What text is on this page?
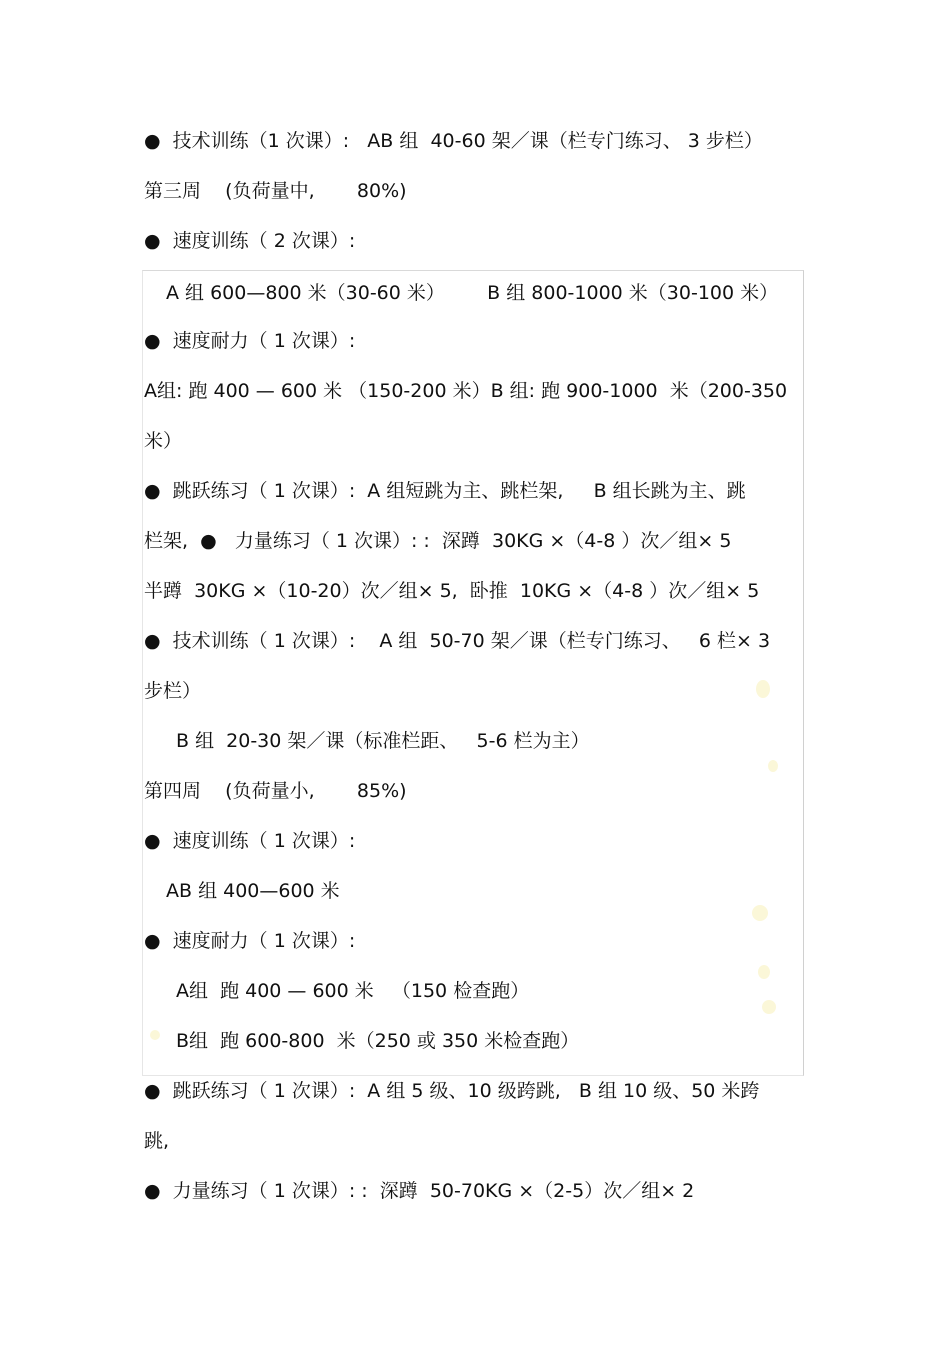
●  技术训练（1 次课）:   AB 组  40-60 架／课（栏专门练习、 3 步栏）
第三周    (负荷量中,       80%)
●  速度训练（ 2 次课）:
A 组 600—800 米（30-60 米）       B 组 800-1000 米（30-100 米）
●  速度耐力（ 1 次课）:
A组: 跑 400 — 600 米 （150-200 米）B 组: 跑 900-1000  米（200-350
米）
●  跳跃练习（ 1 次课）:  A 组短跳为主、跳栏架,     B 组长跳为主、跳
栏架,  ●   力量练习（ 1 次课）: :  深蹲  30KG ×（4-8 ）次／组× 5
半蹲  30KG ×（10-20）次／组× 5,  卧推  10KG ×（4-8 ）次／组× 5
●  技术训练（ 1 次课）:    A 组  50-70 架／课（栏专门练习、   6 栏× 3
步栏）
B 组  20-30 架／课（标准栏距、   5-6 栏为主）
第四周    (负荷量小,       85%)
●  速度训练（ 1 次课）:
AB 组 400—600 米
●  速度耐力（ 1 次课）:
A组  跑 400 — 600 米   （150 检查跑）
B组  跑 600-800  米（250 或 350 米检查跑）
●  跳跃练习（ 1 次课）:  A 组 5 级、10 级跨跳,   B 组 10 级、50 米跨
跳,
●  力量练习（ 1 次课）: :  深蹲  50-70KG ×（2-5）次／组× 2
